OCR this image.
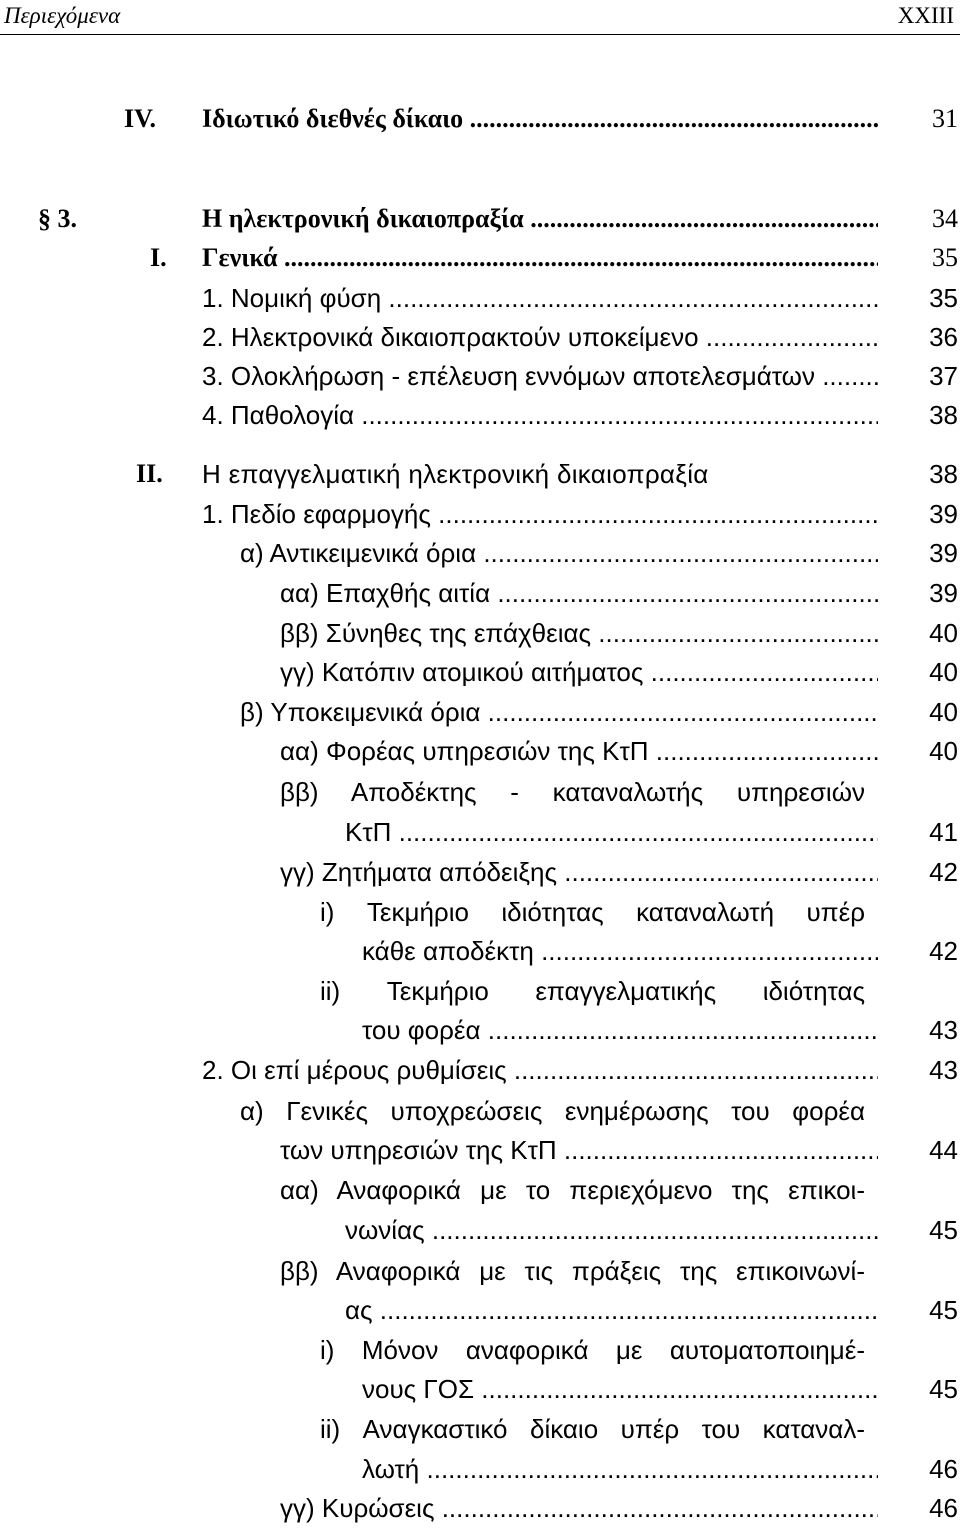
Περιεχόμενα	XXIII
IV. Ιδιωτικό διεθνές δίκαιο .....	31
§ 3.	Η ηλεκτρονική δικαιοπραξία .....	34
I. Γενικά .....	35
1. Νομική φύση .....	35
2. Ηλεκτρονικά δικαιοπρακτούν υποκείμενο .....	36
3. Ολοκλήρωση - επέλευση εννόμων αποτελεσμάτων .....	37
4. Παθολογία .....	38
II. Η επαγγελματική ηλεκτρονική δικαιοπραξία	38
1. Πεδίο εφαρμογής .....	39
α) Αντικειμενικά όρια .....	39
αα) Επαχθής αιτία .....	39
ββ) Σύνηθες της επάχθειας .....	40
γγ) Κατόπιν ατομικού αιτήματος .....	40
β) Υποκειμενικά όρια .....	40
αα) Φορέας υπηρεσιών της ΚτΠ .....	40
ββ) Αποδέκτης - καταναλωτής υπηρεσιών
ΚτΠ .....	41
γγ) Ζητήματα απόδειξης .....	42
i) Τεκμήριο ιδιότητας καταναλωτή υπέρ
κάθε αποδέκτη .....	42
ii) Τεκμήριο επαγγελματικής ιδιότητας
του φορέα .....	43
2. Οι επί μέρους ρυθμίσεις .....	43
α) Γενικές υποχρεώσεις ενημέρωσης του φορέα
των υπηρεσιών της ΚτΠ .....	44
αα) Αναφορικά με το περιεχόμενο της επικοι-
νωνίας .....	45
ββ) Αναφορικά με τις πράξεις της επικοινωνί-
ας .....	45
i) Μόνον αναφορικά με αυτοματοποιημέ-
νους ΓΟΣ .....	45
ii) Αναγκαστικό δίκαιο υπέρ του καταναλ-
λωτή .....	46
γγ) Κυρώσεις .....	46
